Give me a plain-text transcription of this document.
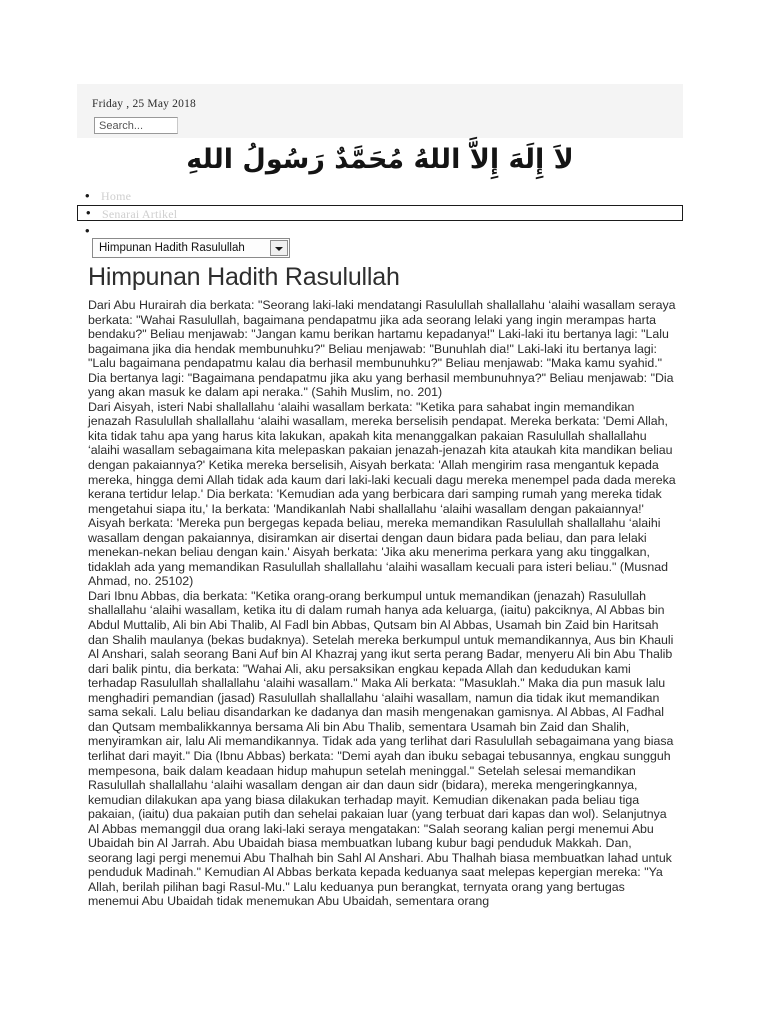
Friday , 25 May 2018
Search...
لاَ إِلَهَ إِلاَّ اللهُ مُحَمَّدٌ رَسُولُ اللهِ
• Home
• Senarai Artikel
•
Himpunan Hadith Rasulullah
Himpunan Hadith Rasulullah

Dari Abu Hurairah dia berkata: "Seorang laki-laki mendatangi Rasulullah shallallahu ‘alaihi wasallam seraya berkata: "Wahai Rasulullah, bagaimana pendapatmu jika ada seorang lelaki yang ingin merampas harta bendaku?" Beliau menjawab: "Jangan kamu berikan hartamu kepadanya!" Laki-laki itu bertanya lagi: "Lalu bagaimana jika dia hendak membunuhku?" Beliau menjawab: "Bunuhlah dia!" Laki-laki itu bertanya lagi: "Lalu bagaimana pendapatmu kalau dia berhasil membunuhku?" Beliau menjawab: "Maka kamu syahid." Dia bertanya lagi: "Bagaimana pendapatmu jika aku yang berhasil membunuhnya?" Beliau menjawab: "Dia yang akan masuk ke dalam api neraka." (Sahih Muslim, no. 201)

Dari Aisyah, isteri Nabi shallallahu ‘alaihi wasallam berkata: "Ketika para sahabat ingin memandikan jenazah Rasulullah shallallahu ‘alaihi wasallam, mereka berselisih pendapat. Mereka berkata: 'Demi Allah, kita tidak tahu apa yang harus kita lakukan, apakah kita menanggalkan pakaian Rasulullah shallallahu ‘alaihi wasallam sebagaimana kita melepaskan pakaian jenazah-jenazah kita ataukah kita mandikan beliau dengan pakaiannya?' Ketika mereka berselisih, Aisyah berkata: 'Allah mengirim rasa mengantuk kepada mereka, hingga demi Allah tidak ada kaum dari laki-laki kecuali dagu mereka menempel pada dada mereka kerana tertidur lelap.' Dia berkata: 'Kemudian ada yang berbicara dari samping rumah yang mereka tidak mengetahui siapa itu,' Ia berkata: 'Mandikanlah Nabi shallallahu ‘alaihi wasallam dengan pakaiannya!' Aisyah berkata: 'Mereka pun bergegas kepada beliau, mereka memandikan Rasulullah shallallahu ‘alaihi wasallam dengan pakaiannya, disiramkan air disertai dengan daun bidara pada beliau, dan para lelaki menekan-nekan beliau dengan kain.' Aisyah berkata: 'Jika aku menerima perkara yang aku tinggalkan, tidaklah ada yang memandikan Rasulullah shallallahu ‘alaihi wasallam kecuali para isteri beliau." (Musnad Ahmad, no. 25102)

Dari Ibnu Abbas, dia berkata: "Ketika orang-orang berkumpul untuk memandikan (jenazah) Rasulullah shallallahu ‘alaihi wasallam, ketika itu di dalam rumah hanya ada keluarga, (iaitu) pakciknya, Al Abbas bin Abdul Muttalib, Ali bin Abi Thalib, Al Fadl bin Abbas, Qutsam bin Al Abbas, Usamah bin Zaid bin Haritsah dan Shalih maulanya (bekas budaknya). Setelah mereka berkumpul untuk memandikannya, Aus bin Khauli Al Anshari, salah seorang Bani Auf bin Al Khazraj yang ikut serta perang Badar, menyeru Ali bin Abu Thalib dari balik pintu, dia berkata: "Wahai Ali, aku persaksikan engkau kepada Allah dan kedudukan kami terhadap Rasulullah shallallahu ‘alaihi wasallam." Maka Ali berkata: "Masuklah." Maka dia pun masuk lalu menghadiri pemandian (jasad) Rasulullah shallallahu ‘alaihi wasallam, namun dia tidak ikut memandikan sama sekali. Lalu beliau disandarkan ke dadanya dan masih mengenakan gamisnya. Al Abbas, Al Fadhal dan Qutsam membalikkannya bersama Ali bin Abu Thalib, sementara Usamah bin Zaid dan Shalih, menyiramkan air, lalu Ali memandikannya. Tidak ada yang terlihat dari Rasulullah sebagaimana yang biasa terlihat dari mayit." Dia (Ibnu Abbas) berkata: "Demi ayah dan ibuku sebagai tebusannya, engkau sungguh mempesona, baik dalam keadaan hidup mahupun setelah meninggal." Setelah selesai memandikan Rasulullah shallallahu ‘alaihi wasallam dengan air dan daun sidr (bidara), mereka mengeringkannya, kemudian dilakukan apa yang biasa dilakukan terhadap mayit. Kemudian dikenakan pada beliau tiga pakaian, (iaitu) dua pakaian putih dan sehelai pakaian luar (yang terbuat dari kapas dan wol). Selanjutnya Al Abbas memanggil dua orang laki-laki seraya mengatakan: "Salah seorang kalian pergi menemui Abu Ubaidah bin Al Jarrah. Abu Ubaidah biasa membuatkan lubang kubur bagi penduduk Makkah. Dan, seorang lagi pergi menemui Abu Thalhah bin Sahl Al Anshari. Abu Thalhah biasa membuatkan lahad untuk penduduk Madinah." Kemudian Al Abbas berkata kepada keduanya saat melepas kepergian mereka: "Ya Allah, berilah pilihan bagi Rasul-Mu." Lalu keduanya pun berangkat, ternyata orang yang bertugas menemui Abu Ubaidah tidak menemukan Abu Ubaidah, sementara orang
